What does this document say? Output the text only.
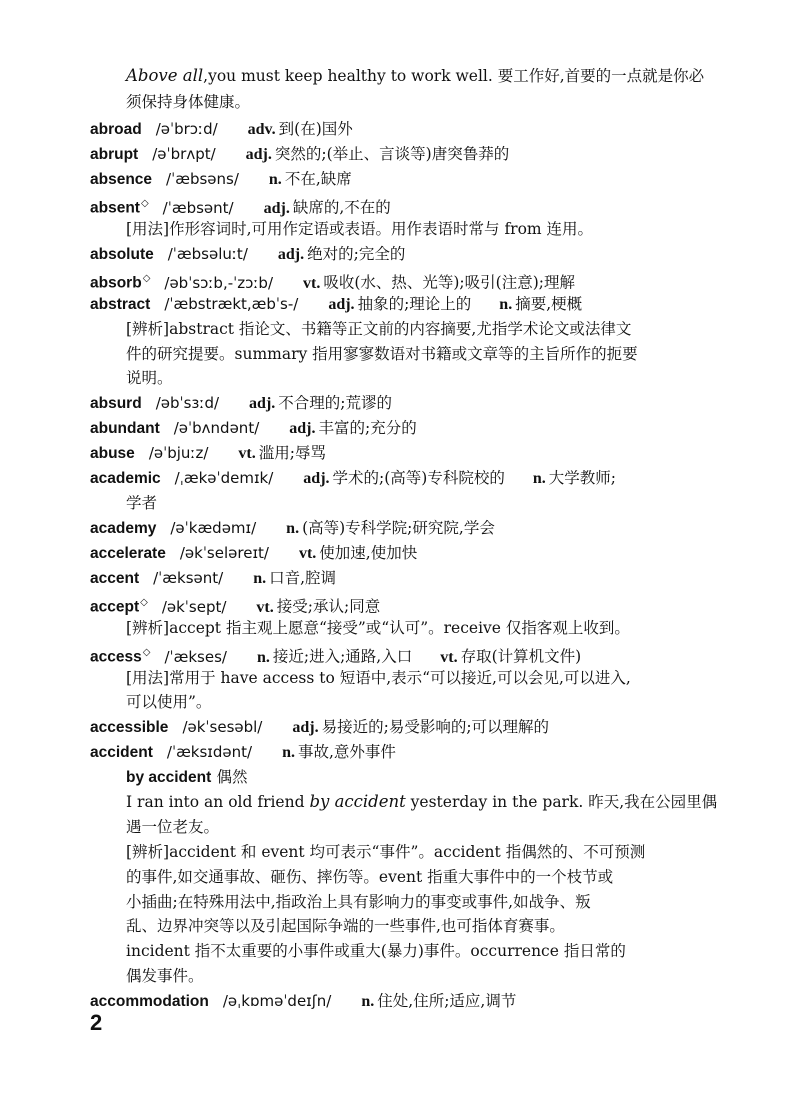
Above all,you must keep healthy to work well. 要工作好,首要的一点就是你必
须保持身体健康。
abroad /əˈbrɔːd/ adv. 到(在)国外
abrupt /əˈbrʌpt/ adj. 突然的;(举止、言谈等)唐突鲁莽的
absence /ˈæbsəns/ n. 不在,缺席
absent◇ /ˈæbsənt/ adj. 缺席的,不在的
[用法]作形容词时,可用作定语或表语。用作表语时常与 from 连用。
absolute /ˈæbsəluːt/ adj. 绝对的;完全的
absorb◇ /əbˈsɔːb,-ˈzɔːb/ vt. 吸收(水、热、光等);吸引(注意);理解
abstract /ˈæbstrækt,æbˈs-/ adj. 抽象的;理论上的 n. 摘要,梗概
[辨析]abstract 指论文、书籍等正文前的内容摘要,尤指学术论文或法律文
件的研究提要。summary 指用寥寥数语对书籍或文章等的主旨所作的扼要
说明。
absurd /əbˈsɜːd/ adj. 不合理的;荒谬的
abundant /əˈbʌndənt/ adj. 丰富的;充分的
abuse /əˈbjuːz/ vt. 滥用;辱骂
academic /ˌækəˈdemɪk/ adj. 学术的;(高等)专科院校的 n. 大学教师;
学者
academy /əˈkædəmɪ/ n. (高等)专科学院;研究院,学会
accelerate /əkˈseləreɪt/ vt. 使加速,使加快
accent /ˈæksənt/ n. 口音,腔调
accept◇ /əkˈsept/ vt. 接受;承认;同意
[辨析]accept 指主观上愿意“接受”或“认可”。receive 仅指客观上收到。
access◇ /ˈækses/ n. 接近;进入;通路,入口 vt. 存取(计算机文件)
[用法]常用于 have access to 短语中,表示“可以接近,可以会见,可以进入,
可以使用”。
accessible /əkˈsesəbl/ adj. 易接近的;易受影响的;可以理解的
accident /ˈæksɪdənt/ n. 事故,意外事件
by accident 偶然
I ran into an old friend by accident yesterday in the park. 昨天,我在公园里偶
遇一位老友。
[辨析]accident 和 event 均可表示“事件”。accident 指偶然的、不可预测
的事件,如交通事故、砸伤、摔伤等。event 指重大事件中的一个枝节或
小插曲;在特殊用法中,指政治上具有影响力的事变或事件,如战争、叛
乱、边界冲突等以及引起国际争端的一些事件,也可指体育赛事。
incident 指不太重要的小事件或重大(暴力)事件。occurrence 指日常的
偶发事件。
accommodation /əˌkɒməˈdeɪʃn/ n. 住处,住所;适应,调节
2
